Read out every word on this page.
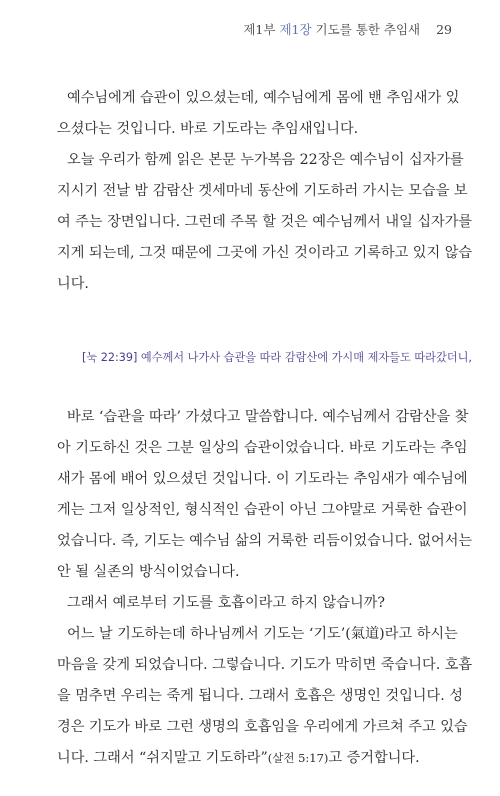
제1부 제1장 기도를 통한 추임새 29
예수님에게 습관이 있으셨는데, 예수님에게 몸에 밴 추임새가 있
으셨다는 것입니다. 바로 기도라는 추임새입니다.
오늘 우리가 함께 읽은 본문 누가복음 22장은 예수님이 십자가를
지시기 전날 밤 감람산 겟세마네 동산에 기도하러 가시는 모습을 보
여 주는 장면입니다. 그런데 주목 할 것은 예수님께서 내일 십자가를
지게 되는데, 그것 때문에 그곳에 가신 것이라고 기록하고 있지 않습
니다.
[눅 22:39] 예수께서 나가사 습관을 따라 감람산에 가시매 제자들도 따라갔더니,
바로 ‘습관을 따라’ 가셨다고 말씀합니다. 예수님께서 감람산을 찾
아 기도하신 것은 그분 일상의 습관이었습니다. 바로 기도라는 추임
새가 몸에 배어 있으셨던 것입니다. 이 기도라는 추임새가 예수님에
게는 그저 일상적인, 형식적인 습관이 아닌 그야말로 거룩한 습관이
었습니다. 즉, 기도는 예수님 삶의 거룩한 리듬이었습니다. 없어서는
안 될 실존의 방식이었습니다.
그래서 예로부터 기도를 호흡이라고 하지 않습니까?
어느 날 기도하는데 하나님께서 기도는 ‘기도’(氣道)라고 하시는
마음을 갖게 되었습니다. 그렇습니다. 기도가 막히면 죽습니다. 호흡
을 멈추면 우리는 죽게 됩니다. 그래서 호흡은 생명인 것입니다. 성
경은 기도가 바로 그런 생명의 호흡임을 우리에게 가르쳐 주고 있습
니다. 그래서 “쉬지말고 기도하라”(살전 5:17)고 증거합니다.
